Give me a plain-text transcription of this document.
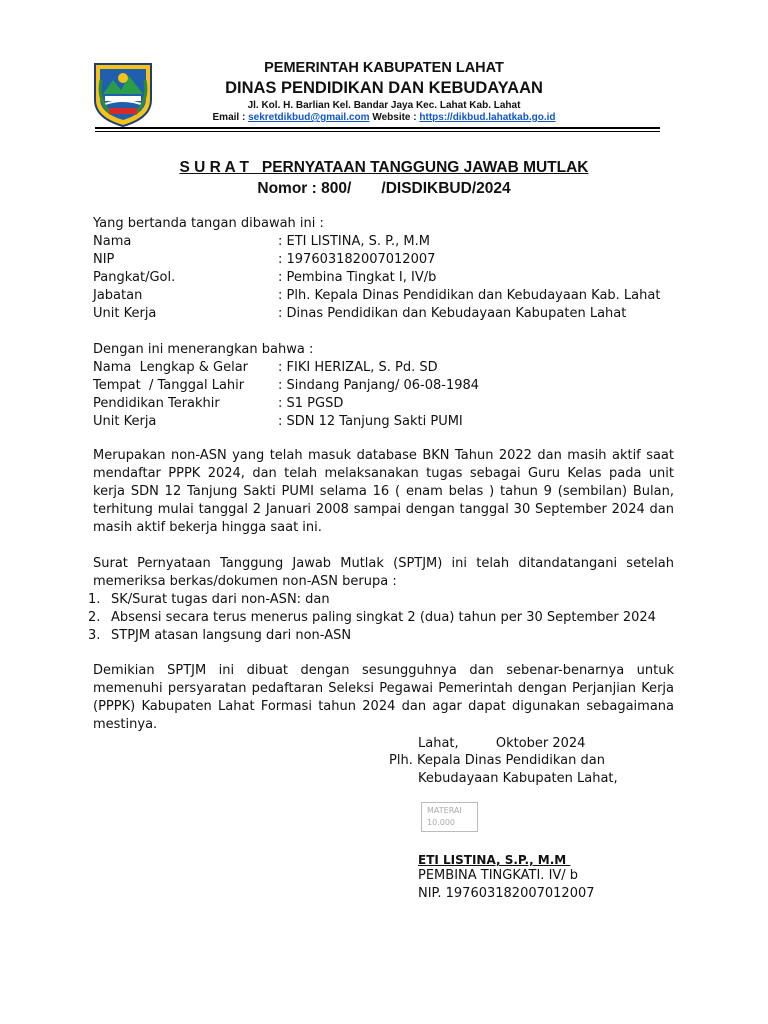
PEMERINTAH KABUPATEN LAHAT
DINAS PENDIDIKAN DAN KEBUDAYAAN
Jl. Kol. H. Barlian Kel. Bandar Jaya Kec. Lahat Kab. Lahat
Email : sekretdikbud@gmail.com Website : https://dikbud.lahatkab.go.id
S U R A T   PERNYATAAN TANGGUNG JAWAB MUTLAK
Nomor : 800/       /DISDIKBUD/2024
Yang bertanda tangan dibawah ini :
Nama	: ETI LISTINA, S. P., M.M
NIP	: 197603182007012007
Pangkat/Gol.	: Pembina Tingkat I, IV/b
Jabatan	: Plh. Kepala Dinas Pendidikan dan Kebudayaan Kab. Lahat
Unit Kerja	: Dinas Pendidikan dan Kebudayaan Kabupaten Lahat
Dengan ini menerangkan bahwa :
Nama  Lengkap & Gelar : FIKI HERIZAL, S. Pd. SD
Tempat  / Tanggal Lahir	: Sindang Panjang/ 06-08-1984
Pendidikan Terakhir	: S1 PGSD
Unit Kerja	: SDN 12 Tanjung Sakti PUMI
Merupakan non-ASN yang telah masuk database BKN Tahun 2022 dan masih aktif saat mendaftar PPPK 2024, dan telah melaksanakan tugas sebagai Guru Kelas pada unit kerja SDN 12 Tanjung Sakti PUMI selama 16 ( enam belas ) tahun 9 (sembilan) Bulan, terhitung mulai tanggal 2 Januari 2008 sampai dengan tanggal 30 September 2024 dan masih aktif bekerja hingga saat ini.
Surat Pernyataan Tanggung Jawab Mutlak (SPTJM) ini telah ditandatangani setelah memeriksa berkas/dokumen non-ASN berupa :
1. SK/Surat tugas dari non-ASN: dan
2. Absensi secara terus menerus paling singkat 2 (dua) tahun per 30 September 2024
3. STPJM atasan langsung dari non-ASN
Demikian SPTJM ini dibuat dengan sesungguhnya dan sebenar-benarnya untuk memenuhi persyaratan pedaftaran Seleksi Pegawai Pemerintah dengan Perjanjian Kerja (PPPK) Kabupaten Lahat Formasi tahun 2024 dan agar dapat digunakan sebagaimana mestinya.
Lahat,         Oktober 2024
Plh. Kepala Dinas Pendidikan dan
Kebudayaan Kabupaten Lahat,
MATERAI
10.000
ETI LISTINA, S.P., M.M
PEMBINA TINGKATI. IV/ b
NIP. 197603182007012007
